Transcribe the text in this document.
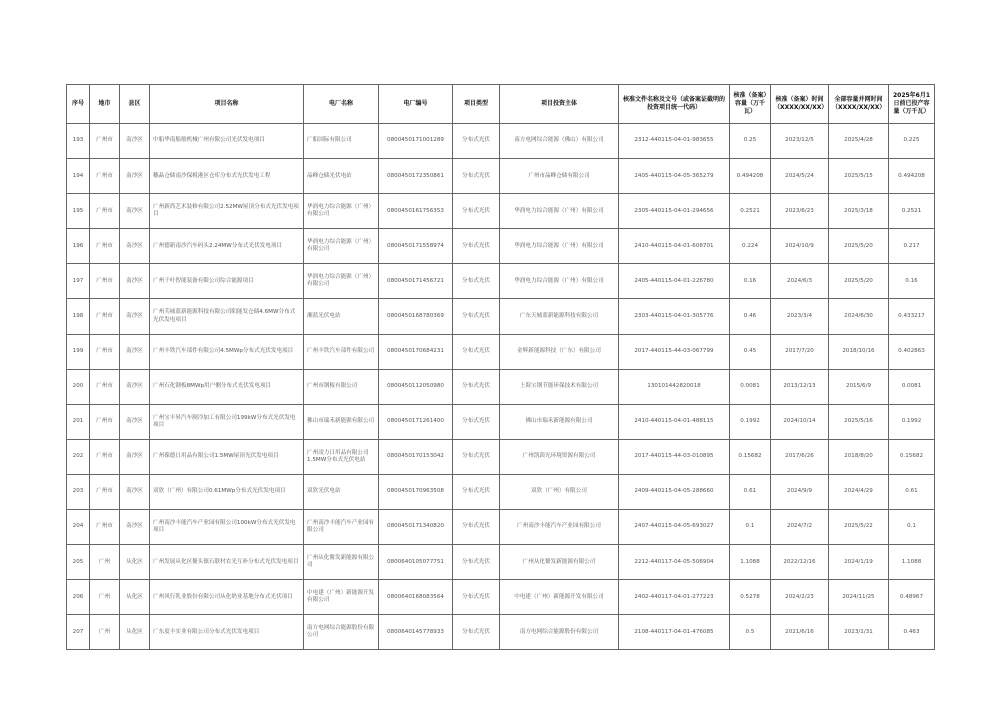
序号	地市	县区	项目名称	电厂名称	电厂编号	项目类型	项目投资主体	核准文件名称及文号（或备案证截明的投资项目统一代码）	核准（备案）容量（万千瓦）	核准（备案）时间（XXXX/XX/XX）	全部容量并网时间（XXXX/XX/XX）	2025年6月1日前已投产容量（万千瓦）
193	广州市	南沙区	中船华南船舶机械广州有限公司光伏发电项目	广船国际有限公司	0800450171001289	分布式光伏	南方电网综合能源（佛山）有限公司	2312-440115-04-01-983655	0.25	2023/12/5	2025/4/28	0.225
194	广州市	南沙区	穗晶仓储南沙保税港区仓库分布式光伏发电工程	晶峰仓储光伏电站	0800450172350861	分布式光伏	广州市晶峰仓储有限公司	2405-440115-04-05-365279	0.494208	2024/5/24	2025/5/15	0.494208
195	广州市	南沙区	广州新尚艺术装修有限公司2.52MW屋顶分布式光伏发电项目	华润电力综合能源（广州）有限公司	0800450161756353	分布式光伏	华润电力综合能源（广州）有限公司	2305-440115-04-01-294656	0.2521	2023/6/23	2025/3/18	0.2521
196	广州市	南沙区	广州德新南沙汽车码头2.24MW分布式光伏发电项目	华润电力综合能源（广州）有限公司	0800450171558974	分布式光伏	华润电力综合能源（广州）有限公司	2410-440115-04-01-608701	0.224	2024/10/9	2025/5/20	0.217
197	广州市	南沙区	广州千叶智能装备有限公司综合能源项目	华润电力综合能源（广州）有限公司	0800450171456721	分布式光伏	华润电力综合能源（广州）有限公司	2405-440115-04-01-226780	0.16	2024/6/3	2025/5/20	0.16
198	广州市	南沙区	广州芙城蓝新能源科技有限公司阳能发仓储4.6MW分布式光伏发电项目	湘蓝光伏电站	0800450168780369	分布式光伏	广东天城蓝新能源科技有限公司	2303-440115-04-01-305776	0.46	2023/3/4	2024/6/30	0.433217
199	广州市	南沙区	广州丰铁汽车部件有限公司4.5MWp分布式光伏发电项目	广州丰铁汽车部件有限公司	0800450170684231	分布式光伏	金辉新能源科技（广东）有限公司	2017-440115-44-03-067799	0.45	2017/7/20	2018/10/16	0.402863
200	广州市	南沙区	广州石化钢板8MWp用户侧分布式光伏发电项目	广州市钢板有限公司	0800450112050980	分布式光伏	上海宝钢节能环保技术有限公司	130101442820018	0.0081	2013/12/13	2015/6/9	0.0081
201	广州市	南沙区	广州宝丰昇汽车制冷加工有限公司199kW分布式光伏发电项目	佛山市瑞禾新能源有限公司	0800450171261400	分布式光伏	佛山市瑞禾新能源有限公司	2410-440115-04-01-488115	0.1992	2024/10/14	2025/5/16	0.1992
202	广州市	南沙区	广州葆德日用品有限公司1.5MW屋顶光伏发电项目	广州凌力日用品有限公司1.5MW分布式光伏电站	0800450170153042	分布式光伏	广州凯茵光环境资源有限公司	2017-440115-44-03-010895	0.15682	2017/6/26	2018/8/20	0.15682
203	广州市	南沙区	双欣（广州）有限公司0.61MWp分布式光伏发电项目	双欣光伏电站	0800450170963508	分布式光伏	双欣（广州）有限公司	2409-440115-04-05-288660	0.61	2024/9/9	2024/4/29	0.61
204	广州市	南沙区	广州南沙丰能汽车产业园有限公司100kW分布式光伏发电项目	广州南沙丰能汽车产业园有限公司	0800450171340820	分布式光伏	广州南沙丰能汽车产业园有限公司	2407-440115-04-05-693027	0.1	2024/7/2	2025/5/22	0.1
205	广州	从化区	广州发展从化区鳌头镇石联村农光互补分布式光伏发电项目	广州从化鳌发新能源有限公司	0800640105077751	分布式光伏	广州从化鳌发新能源有限公司	2212-440117-04-05-506904	1.1088	2022/12/16	2024/1/19	1.1088
206	广州	从化区	广州风行乳业股份有限公司从化奶业基地分布式光伏项目	中电建（广州）新能源开发有限公司	0800640168083564	分布式光伏	中电建（广州）新能源开发有限公司	2402-440117-04-01-277223	0.5278	2024/2/23	2024/11/25	0.48967
207	广州	从化区	广东度丰实业有限公司分布式光伏发电项目	南方电网综合能源股份有限公司	0800640145778933	分布式光伏	南方电网综合能源股份有限公司	2108-440117-04-01-476085	0.5	2021/6/16	2023/1/31	0.463
